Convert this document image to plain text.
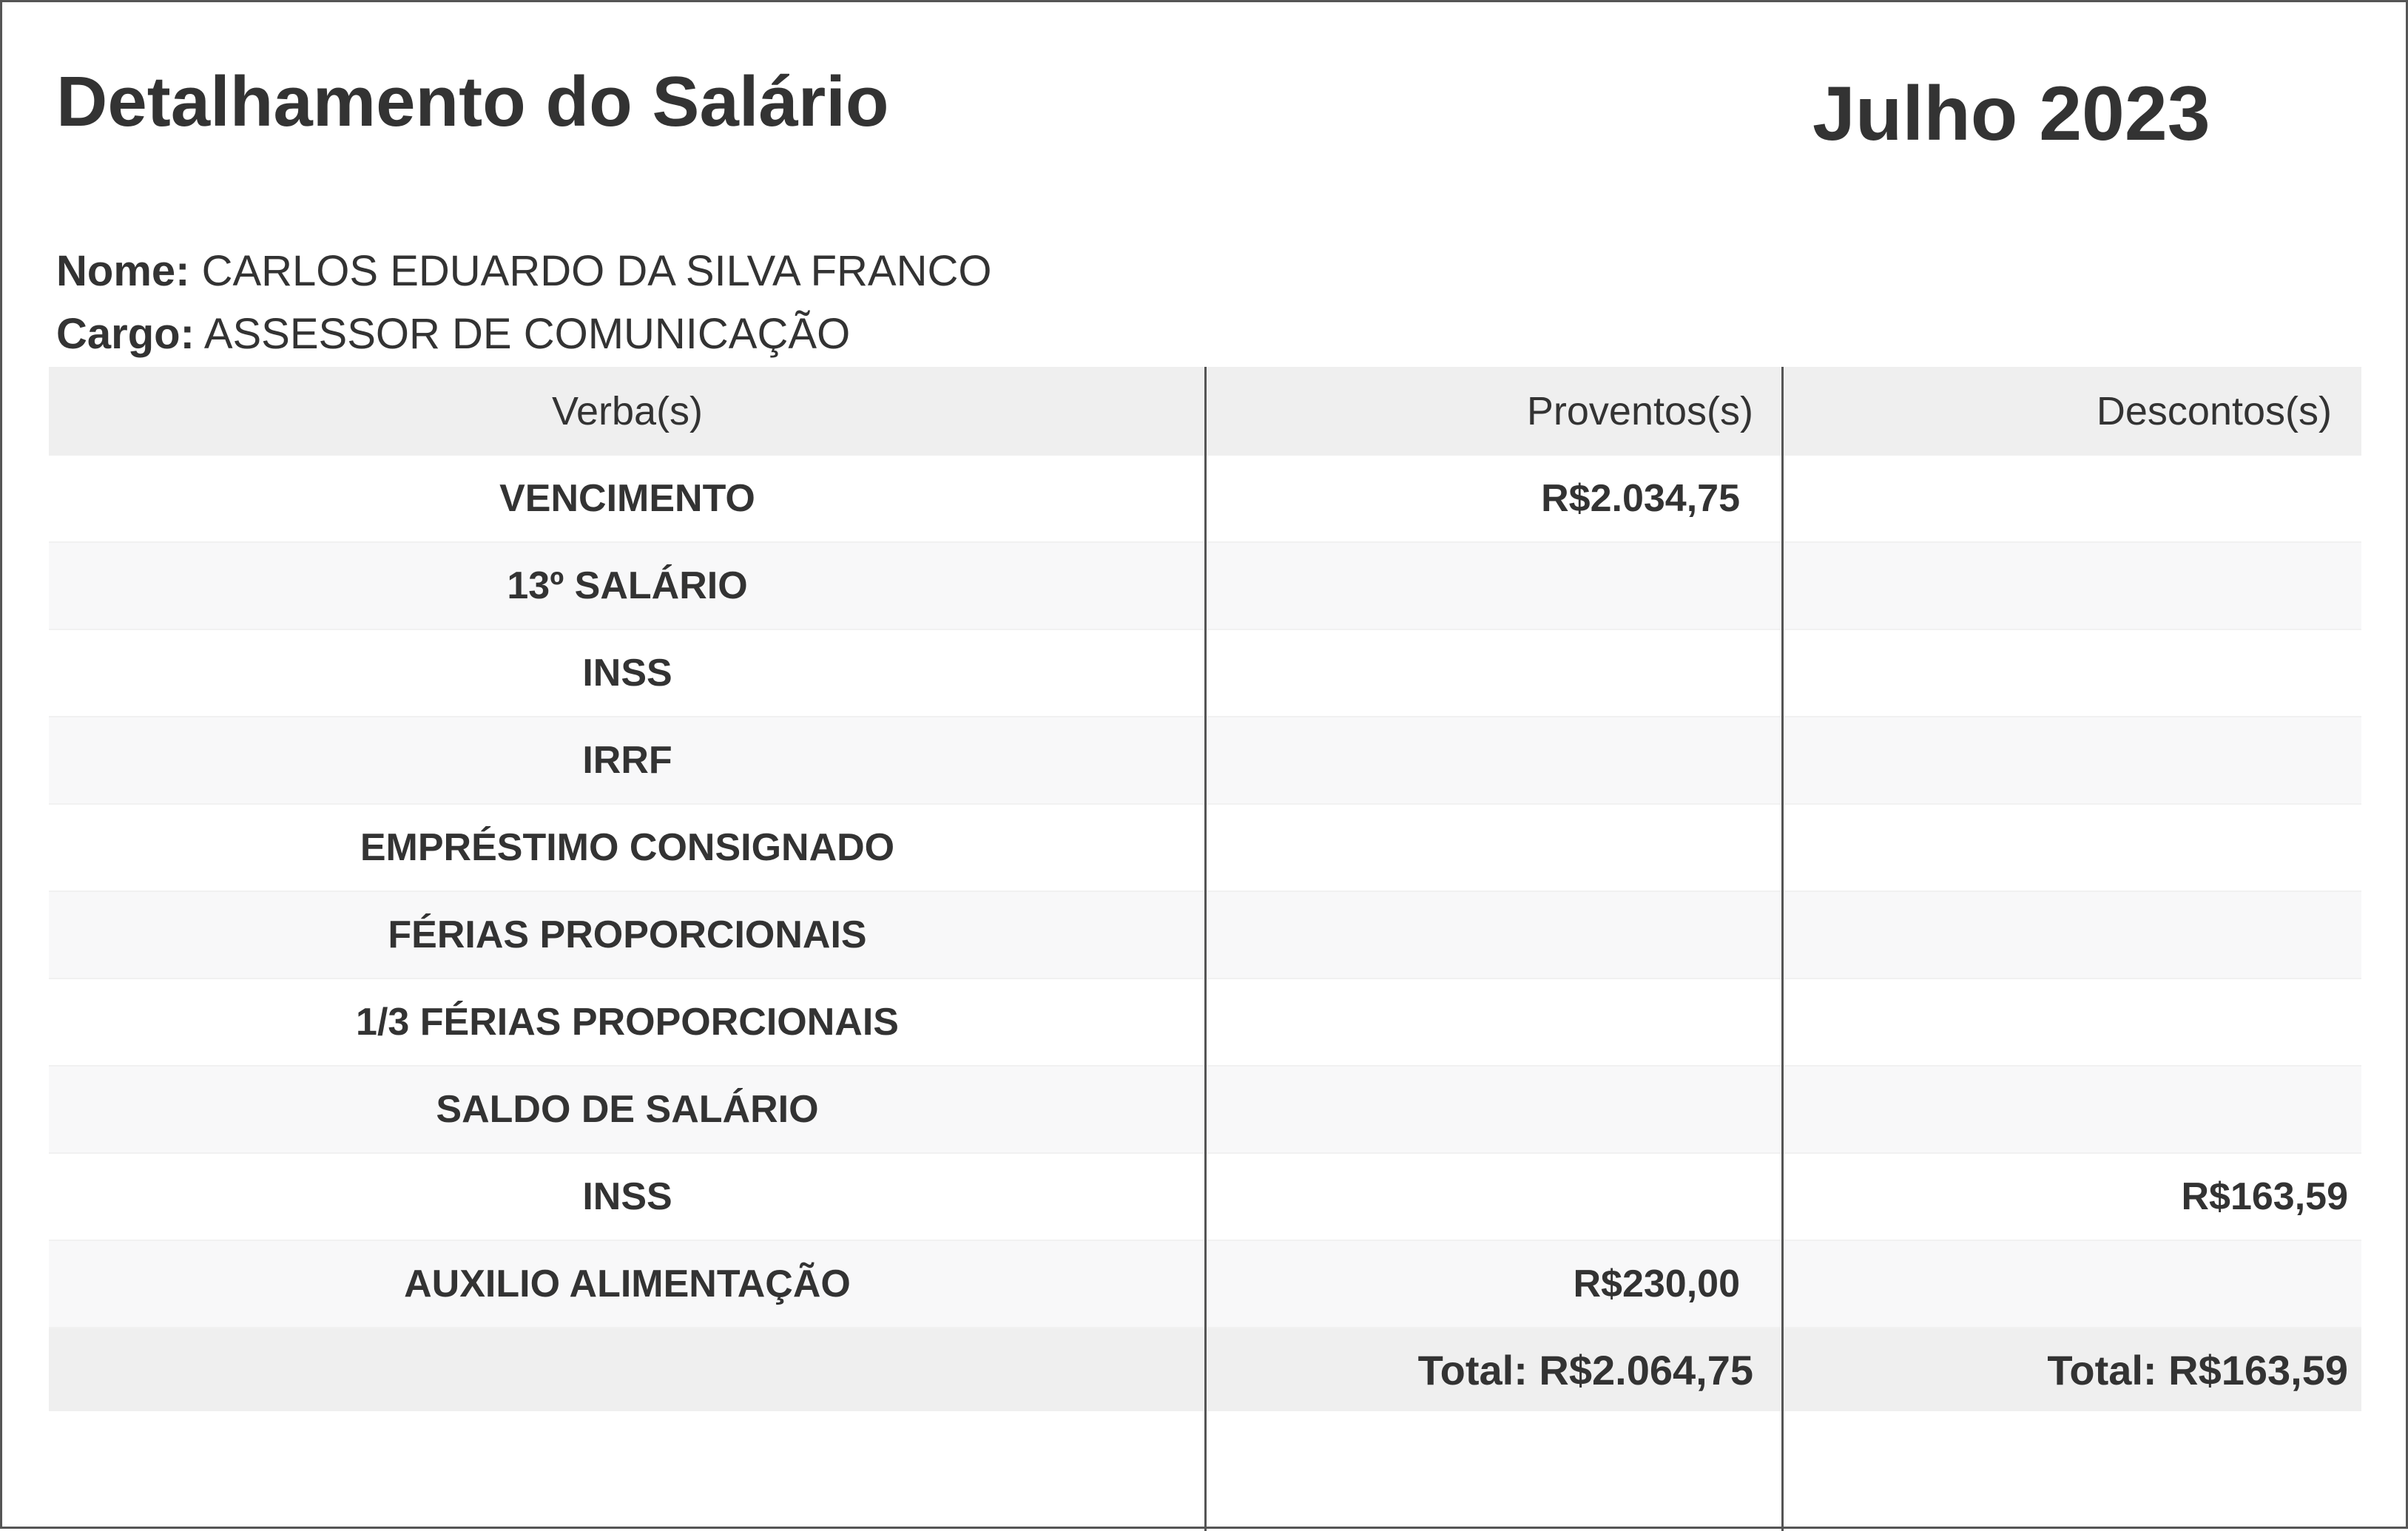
Detalhamento do Salário	Julho 2023
Nome: CARLOS EDUARDO DA SILVA FRANCO
Cargo: ASSESSOR DE COMUNICAÇÃO
Verba(s)	Proventos(s)	Descontos(s)
VENCIMENTO	R$2.034,75	
13º SALÁRIO		
INSS		
IRRF		
EMPRÉSTIMO CONSIGNADO		
FÉRIAS PROPORCIONAIS		
1/3 FÉRIAS PROPORCIONAIS		
SALDO DE SALÁRIO		
INSS		R$163,59
AUXILIO ALIMENTAÇÃO	R$230,00	
	Total: R$2.064,75	Total: R$163,59
